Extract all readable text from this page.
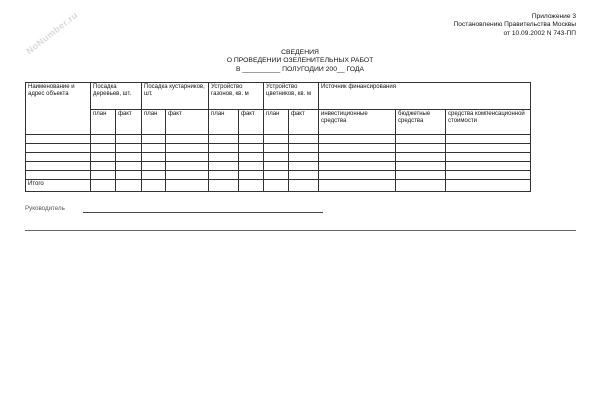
NoNumber.ru	Приложение 3
Постановлению Правительства Москвы
от 10.09.2002 N 743-ПП
СВЕДЕНИЯ
О ПРОВЕДЕНИИ ОЗЕЛЕНИТЕЛЬНЫХ РАБОТ
В __________ ПОЛУГОДИИ 200__ ГОДА
Наименование и адрес объекта	Посадка деревьев, шт.		Посадка кустарников, шт.		Устройство газонов, кв. м		Устройство цветников, кв. м		Источник финансирования		
	план	факт	план	факт	план	факт	план	факт	инвестиционные средства	бюджетные средства	средства компенсационной стоимости

Итого											
Руководитель
